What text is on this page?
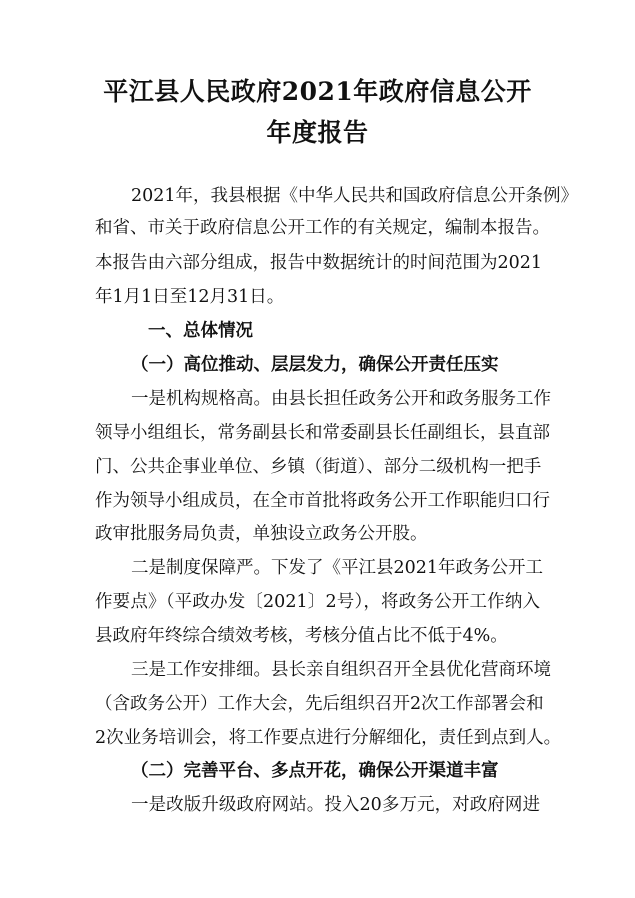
平江县人民政府2021年政府信息公开
年度报告
2021年，我县根据《中华人民共和国政府信息公开条例》
和省、市关于政府信息公开工作的有关规定，编制本报告。
本报告由六部分组成，报告中数据统计的时间范围为2021
年1月1日至12月31日。
一、总体情况
（一）高位推动、层层发力，确保公开责任压实
一是机构规格高。由县长担任政务公开和政务服务工作
领导小组组长，常务副县长和常委副县长任副组长，县直部
门、公共企事业单位、乡镇（街道）、部分二级机构一把手
作为领导小组成员，在全市首批将政务公开工作职能归口行
政审批服务局负责，单独设立政务公开股。
二是制度保障严。下发了《平江县2021年政务公开工
作要点》（平政办发〔2021〕2号），将政务公开工作纳入
县政府年终综合绩效考核，考核分值占比不低于4%。
三是工作安排细。县长亲自组织召开全县优化营商环境
（含政务公开）工作大会，先后组织召开2次工作部署会和
2次业务培训会，将工作要点进行分解细化，责任到点到人。
（二）完善平台、多点开花，确保公开渠道丰富
一是改版升级政府网站。投入20多万元，对政府网进
